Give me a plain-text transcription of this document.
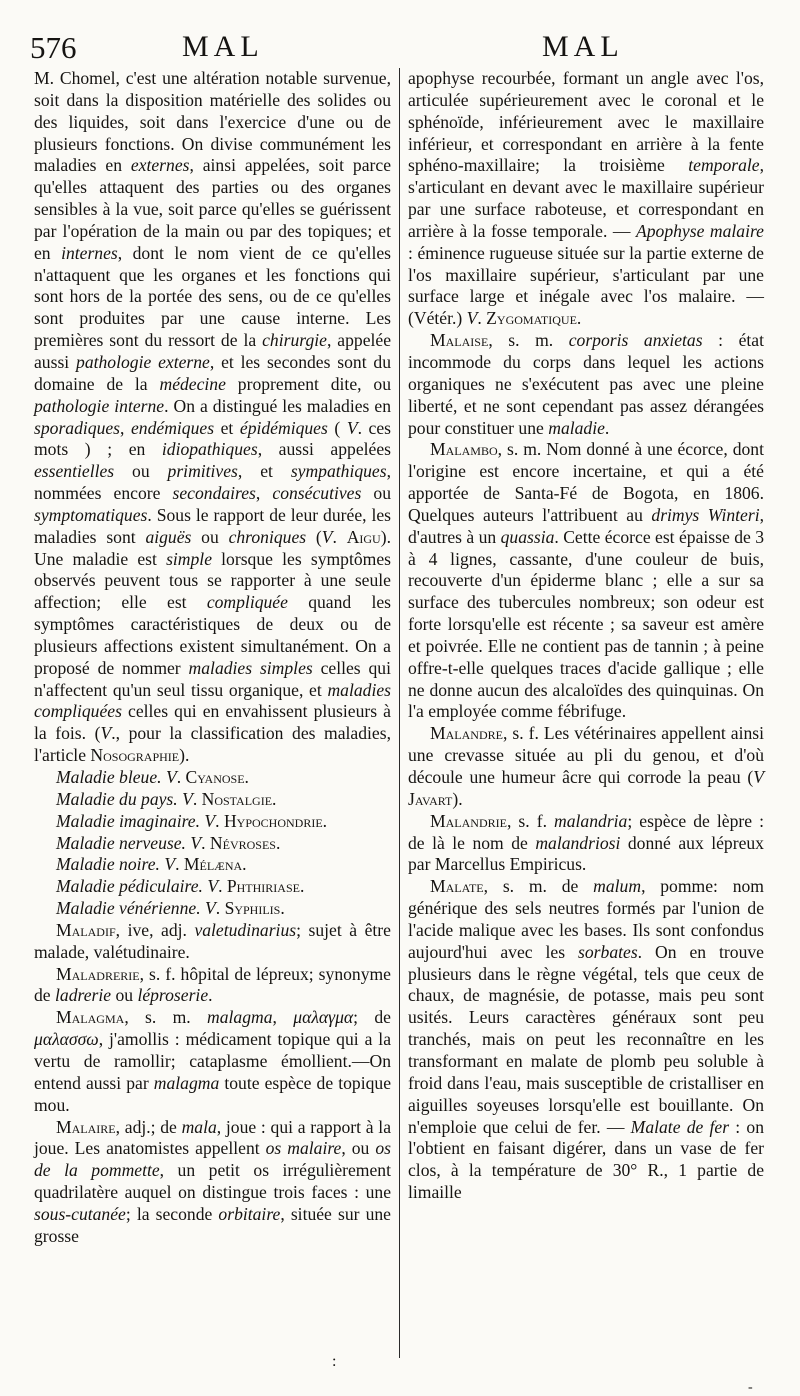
576	MAL	MAL

M. Chomel, c'est une altération notable survenue, soit dans la disposition matérielle des solides ou des liquides, soit dans l'exercice d'une ou de plusieurs fonctions. On divise communément les maladies en externes, ainsi appelées, soit parce qu'elles attaquent des parties ou des organes sensibles à la vue, soit parce qu'elles se guérissent par l'opération de la main ou par des topiques; et en internes, dont le nom vient de ce qu'elles n'attaquent que les organes et les fonctions qui sont hors de la portée des sens, ou de ce qu'elles sont produites par une cause interne. Les premières sont du ressort de la chirurgie, appelée aussi pathologie externe, et les secondes sont du domaine de la médecine proprement dite, ou pathologie interne. On a distingué les maladies en sporadiques, endémiques et épidémiques ( V. ces mots ) ; en idiopathiques, aussi appelées essentielles ou primitives, et sympathiques, nommées encore secondaires, consécutives ou symptomatiques. Sous le rapport de leur durée, les maladies sont aiguës ou chroniques (V. Aigu). Une maladie est simple lorsque les symptômes observés peuvent tous se rapporter à une seule affection; elle est compliquée quand les symptômes caractéristiques de deux ou de plusieurs affections existent simultanément. On a proposé de nommer maladies simples celles qui n'affectent qu'un seul tissu organique, et maladies compliquées celles qui en envahissent plusieurs à la fois. (V., pour la classification des maladies, l'article Nosographie).

Maladie bleue. V. Cyanose.

Maladie du pays. V. Nostalgie.

Maladie imaginaire. V. Hypochondrie.

Maladie nerveuse. V. Névroses.

Maladie noire. V. Mélæna.

Maladie pédiculaire. V. Phthiriase.

Maladie vénérienne. V. Syphilis.

Maladif, ive, adj. valetudinarius; sujet à être malade, valétudinaire.

Maladrerie, s. f. hôpital de lépreux; synonyme de ladrerie ou léproserie.

Malagma, s. m. malagma, μαλαγμα; de μαλασσω, j'amollis : médicament topique qui a la vertu de ramollir; cataplasme émollient.—On entend aussi par malagma toute espèce de topique mou.

Malaire, adj.; de mala, joue : qui a rapport à la joue. Les anatomistes appellent os malaire, ou os de la pommette, un petit os irrégulièrement quadrilatère auquel on distingue trois faces : une sous-cutanée; la seconde orbitaire, située sur une grosse

apophyse recourbée, formant un angle avec l'os, articulée supérieurement avec le coronal et le sphénoïde, inférieurement avec le maxillaire inférieur, et correspondant en arrière à la fente sphéno-maxillaire; la troisième temporale, s'articulant en devant avec le maxillaire supérieur par une surface raboteuse, et correspondant en arrière à la fosse temporale. — Apophyse malaire : éminence rugueuse située sur la partie externe de l'os maxillaire supérieur, s'articulant par une surface large et inégale avec l'os malaire. — (Vétér.) V. Zygomatique.

Malaise, s. m. corporis anxietas : état incommode du corps dans lequel les actions organiques ne s'exécutent pas avec une pleine liberté, et ne sont cependant pas assez dérangées pour constituer une maladie.

Malambo, s. m. Nom donné à une écorce, dont l'origine est encore incertaine, et qui a été apportée de Santa-Fé de Bogota, en 1806. Quelques auteurs l'attribuent au drimys Winteri, d'autres à un quassia. Cette écorce est épaisse de 3 à 4 lignes, cassante, d'une couleur de buis, recouverte d'un épiderme blanc ; elle a sur sa surface des tubercules nombreux; son odeur est forte lorsqu'elle est récente ; sa saveur est amère et poivrée. Elle ne contient pas de tannin ; à peine offre-t-elle quelques traces d'acide gallique ; elle ne donne aucun des alcaloïdes des quinquinas. On l'a employée comme fébrifuge.

Malandre, s. f. Les vétérinaires appellent ainsi une crevasse située au pli du genou, et d'où découle une humeur âcre qui corrode la peau (V Javart).

Malandrie, s. f. malandria; espèce de lèpre : de là le nom de malandriosi donné aux lépreux par Marcellus Empiricus.

Malate, s. m. de malum, pomme: nom générique des sels neutres formés par l'union de l'acide malique avec les bases. Ils sont confondus aujourd'hui avec les sorbates. On en trouve plusieurs dans le règne végétal, tels que ceux de chaux, de magnésie, de potasse, mais peu sont usités. Leurs caractères généraux sont peu tranchés, mais on peut les reconnaître en les transformant en malate de plomb peu soluble à froid dans l'eau, mais susceptible de cristalliser en aiguilles soyeuses lorsqu'elle est bouillante. On n'emploie que celui de fer. — Malate de fer : on l'obtient en faisant digérer, dans un vase de fer clos, à la température de 30° R., 1 partie de limaille

:
-
